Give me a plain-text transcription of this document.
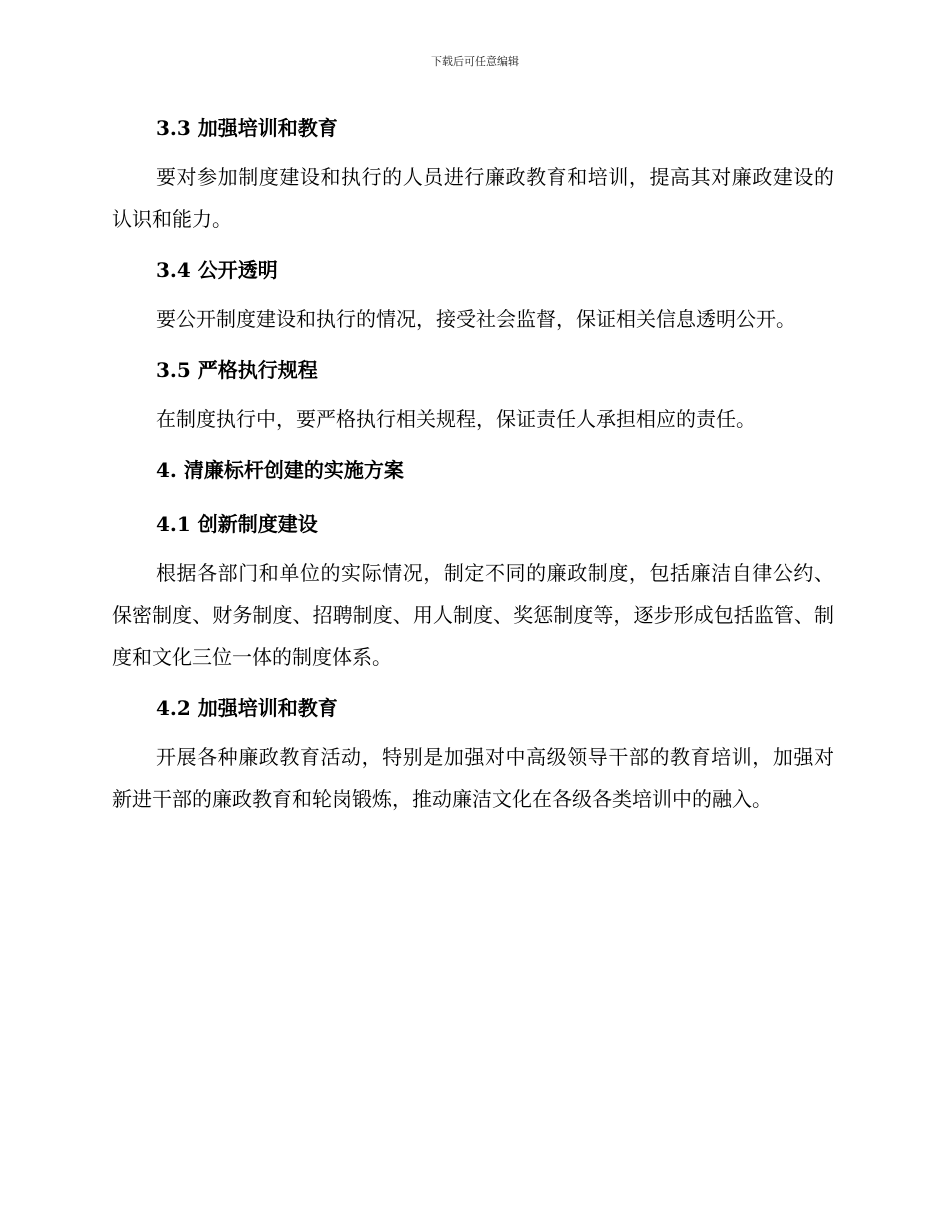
下载后可任意编辑
3.3 加强培训和教育

要对参加制度建设和执行的人员进行廉政教育和培训，提高其对廉政建设的认识和能力。

3.4 公开透明

要公开制度建设和执行的情况，接受社会监督，保证相关信息透明公开。

3.5 严格执行规程

在制度执行中，要严格执行相关规程，保证责任人承担相应的责任。

4. 清廉标杆创建的实施方案
4.1 创新制度建设

根据各部门和单位的实际情况，制定不同的廉政制度，包括廉洁自律公约、保密制度、财务制度、招聘制度、用人制度、奖惩制度等，逐步形成包括监管、制度和文化三位一体的制度体系。

4.2 加强培训和教育

开展各种廉政教育活动，特别是加强对中高级领导干部的教育培训，加强对新进干部的廉政教育和轮岗锻炼，推动廉洁文化在各级各类培训中的融入。
